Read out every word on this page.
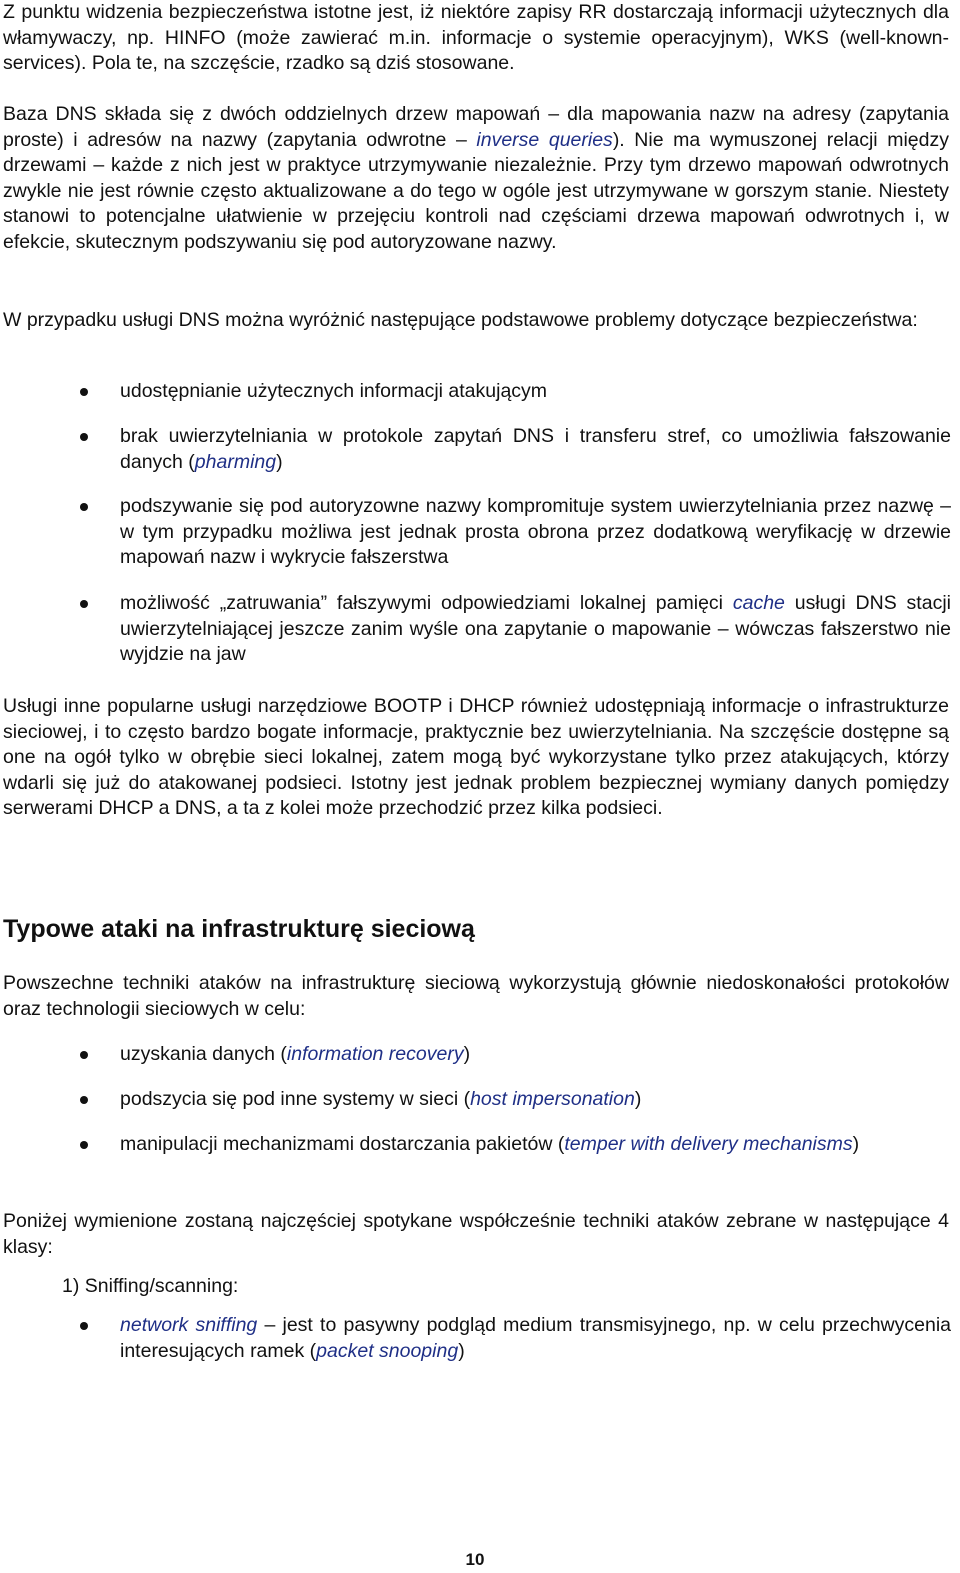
Z punktu widzenia bezpieczeństwa istotne jest, iż niektóre zapisy RR dostarczają informacji użytecznych dla włamywaczy, np. HINFO (może zawierać m.in. informacje o systemie operacyjnym), WKS (well-known-services). Pola te, na szczęście, rzadko są dziś stosowane.

Baza DNS składa się z dwóch oddzielnych drzew mapowań – dla mapowania nazw na adresy (zapytania proste) i adresów na nazwy (zapytania odwrotne – inverse queries). Nie ma wymuszonej relacji między drzewami – każde z nich jest w praktyce utrzymywanie niezależnie. Przy tym drzewo mapowań odwrotnych zwykle nie jest równie często aktualizowane a do tego w ogóle jest utrzymywane w gorszym stanie. Niestety stanowi to potencjalne ułatwienie w przejęciu kontroli nad częściami drzewa mapowań odwrotnych i, w efekcie, skutecznym podszywaniu się pod autoryzowane nazwy.

W przypadku usługi DNS można wyróżnić następujące podstawowe problemy dotyczące bezpieczeństwa:

udostępnianie użytecznych informacji atakującym

brak uwierzytelniania w protokole zapytań DNS i transferu stref, co umożliwia fałszowanie danych (pharming)

podszywanie się pod autoryzowne nazwy kompromituje system uwierzytelniania przez nazwę – w tym przypadku możliwa jest jednak prosta obrona przez dodatkową weryfikację w drzewie mapowań nazw i wykrycie fałszerstwa

możliwość „zatruwania” fałszywymi odpowiedziami lokalnej pamięci cache usługi DNS stacji uwierzytelniającej jeszcze zanim wyśle ona zapytanie o mapowanie – wówczas fałszerstwo nie wyjdzie na jaw

Usługi inne popularne usługi narzędziowe BOOTP i DHCP również udostępniają informacje o infrastrukturze sieciowej, i to często bardzo bogate informacje, praktycznie bez uwierzytelniania. Na szczęście dostępne są one na ogół tylko w obrębie sieci lokalnej, zatem mogą być wykorzystane tylko przez atakujących, którzy wdarli się już do atakowanej podsieci. Istotny jest jednak problem bezpiecznej wymiany danych pomiędzy serwerami DHCP a DNS, a ta z kolei może przechodzić przez kilka podsieci.

Typowe ataki na infrastrukturę sieciową

Powszechne techniki ataków na infrastrukturę sieciową wykorzystują głównie niedoskonałości protokołów oraz technologii sieciowych w celu:

uzyskania danych (information recovery)

podszycia się pod inne systemy w sieci (host impersonation)

manipulacji mechanizmami dostarczania pakietów (temper with delivery mechanisms)

Poniżej wymienione zostaną najczęściej spotykane współcześnie techniki ataków zebrane w następujące 4 klasy:

1) Sniffing/scanning:

network sniffing – jest to pasywny podgląd medium transmisyjnego, np. w celu przechwycenia interesujących ramek (packet snooping)

10
